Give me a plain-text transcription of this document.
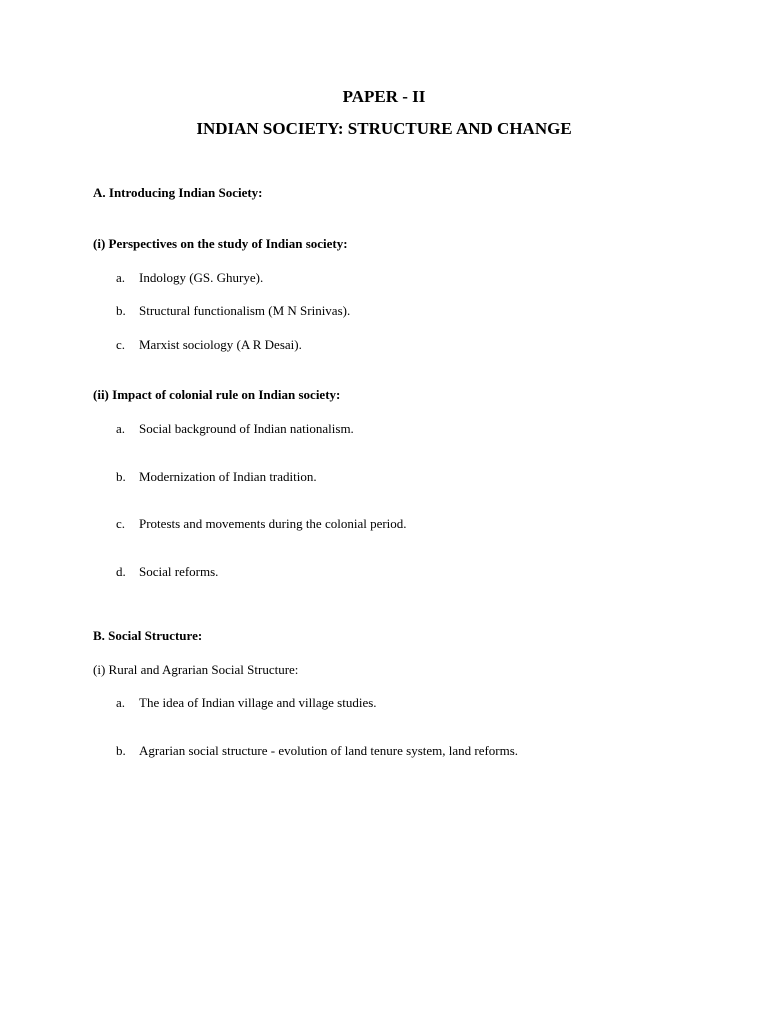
PAPER - II
INDIAN SOCIETY: STRUCTURE AND CHANGE
A. Introducing Indian Society:
(i) Perspectives on the study of Indian society:
a. Indology (GS. Ghurye).
b. Structural functionalism (M N Srinivas).
c. Marxist sociology (A R Desai).
(ii) Impact of colonial rule on Indian society:
a. Social background of Indian nationalism.
b. Modernization of Indian tradition.
c. Protests and movements during the colonial period.
d. Social reforms.
B. Social Structure:
(i) Rural and Agrarian Social Structure:
a. The idea of Indian village and village studies.
b. Agrarian social structure - evolution of land tenure system, land reforms.
